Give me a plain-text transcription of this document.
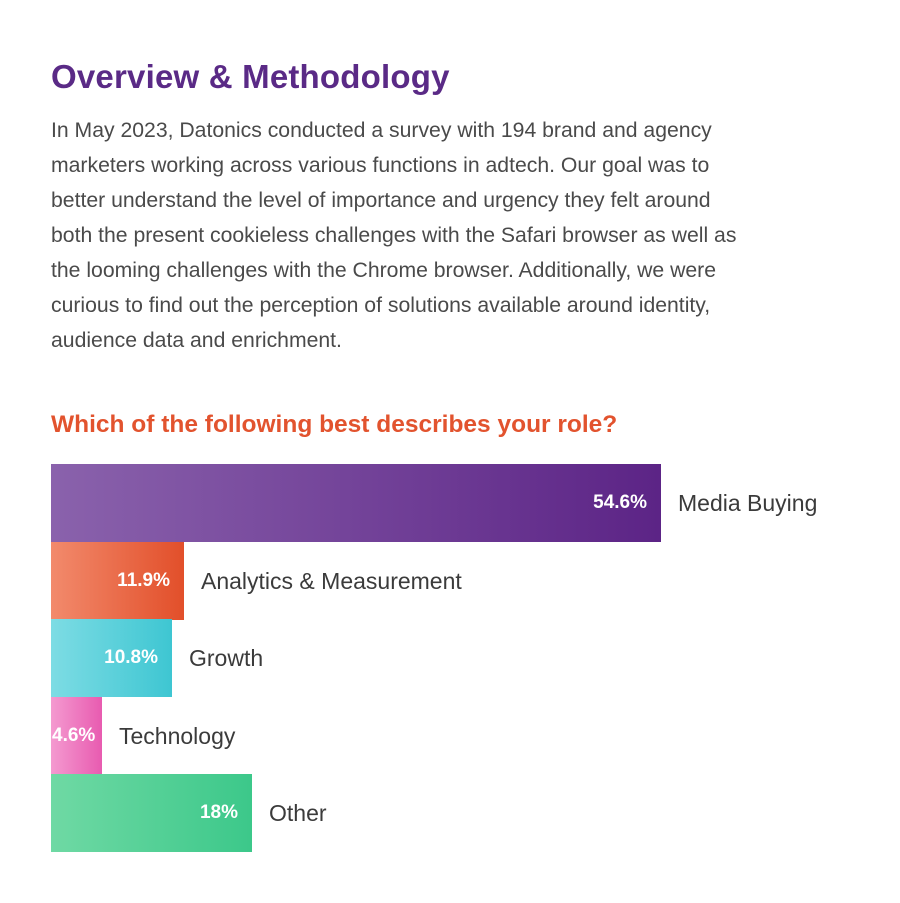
Overview & Methodology

In May 2023, Datonics conducted a survey with 194 brand and agency
marketers working across various functions in adtech. Our goal was to
better understand the level of importance and urgency they felt around
both the present cookieless challenges with the Safari browser as well as
the looming challenges with the Chrome browser. Additionally, we were
curious to find out the perception of solutions available around identity,
audience data and enrichment.

Which of the following best describes your role?
54.6% Media Buying
11.9% Analytics & Measurement
10.8% Growth
4.6% Technology
18% Other
